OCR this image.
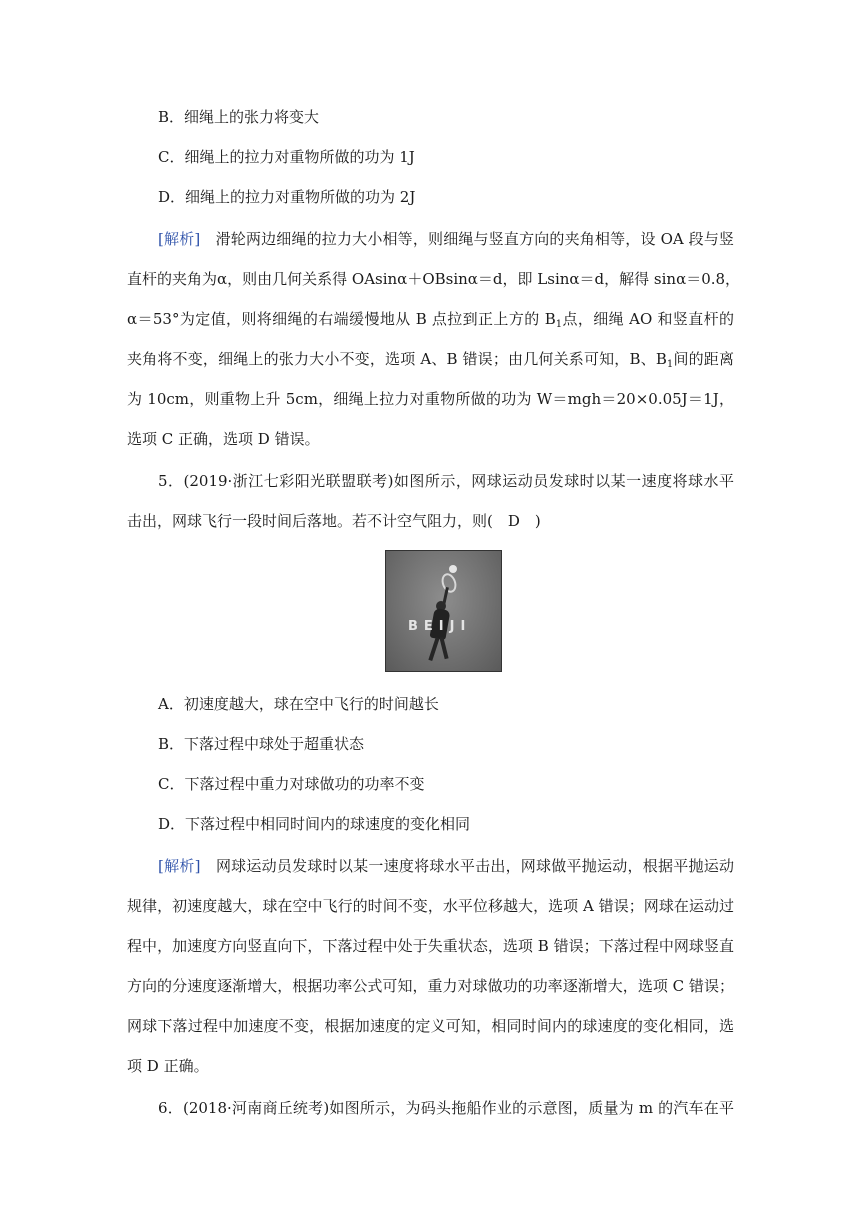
B．细绳上的张力将变大
C．细绳上的拉力对重物所做的功为 1J
D．细绳上的拉力对重物所做的功为 2J
[解析]　 滑轮两边细绳的拉力大小相等，则细绳与竖直方向的夹角相等，设 OA 段与竖
直杆的夹角为α，则由几何关系得 OAsinα＋OBsinα＝d，即 Lsinα＝d，解得 sinα＝0.8，
α＝53°为定值，则将细绳的右端缓慢地从 B 点拉到正上方的 $B_1$点，细绳 AO 和竖直杆的
夹角将不变，细绳上的张力大小不变，选项 A、B 错误；由几何关系可知，B、$B_1$间的距离
为 10cm，则重物上升 5cm，细绳上拉力对重物所做的功为 W＝mgh＝20×0.05J＝1J，
选项 C 正确，选项 D 错误。
5．(2019·浙江七彩阳光联盟联考)如图所示，网球运动员发球时以某一速度将球水平
击出，网球飞行一段时间后落地。若不计空气阻力，则(　D　)
BEIJI
A．初速度越大，球在空中飞行的时间越长
B．下落过程中球处于超重状态
C．下落过程中重力对球做功的功率不变
D．下落过程中相同时间内的球速度的变化相同
[解析]　 网球运动员发球时以某一速度将球水平击出，网球做平抛运动，根据平抛运动
规律，初速度越大，球在空中飞行的时间不变，水平位移越大，选项 A 错误；网球在运动过
程中，加速度方向竖直向下，下落过程中处于失重状态，选项 B 错误；下落过程中网球竖直
方向的分速度逐渐增大，根据功率公式可知，重力对球做功的功率逐渐增大，选项 C 错误；
网球下落过程中加速度不变，根据加速度的定义可知，相同时间内的球速度的变化相同，选
项 D 正确。
6．(2018·河南商丘统考)如图所示，为码头拖船作业的示意图，质量为 m 的汽车在平
